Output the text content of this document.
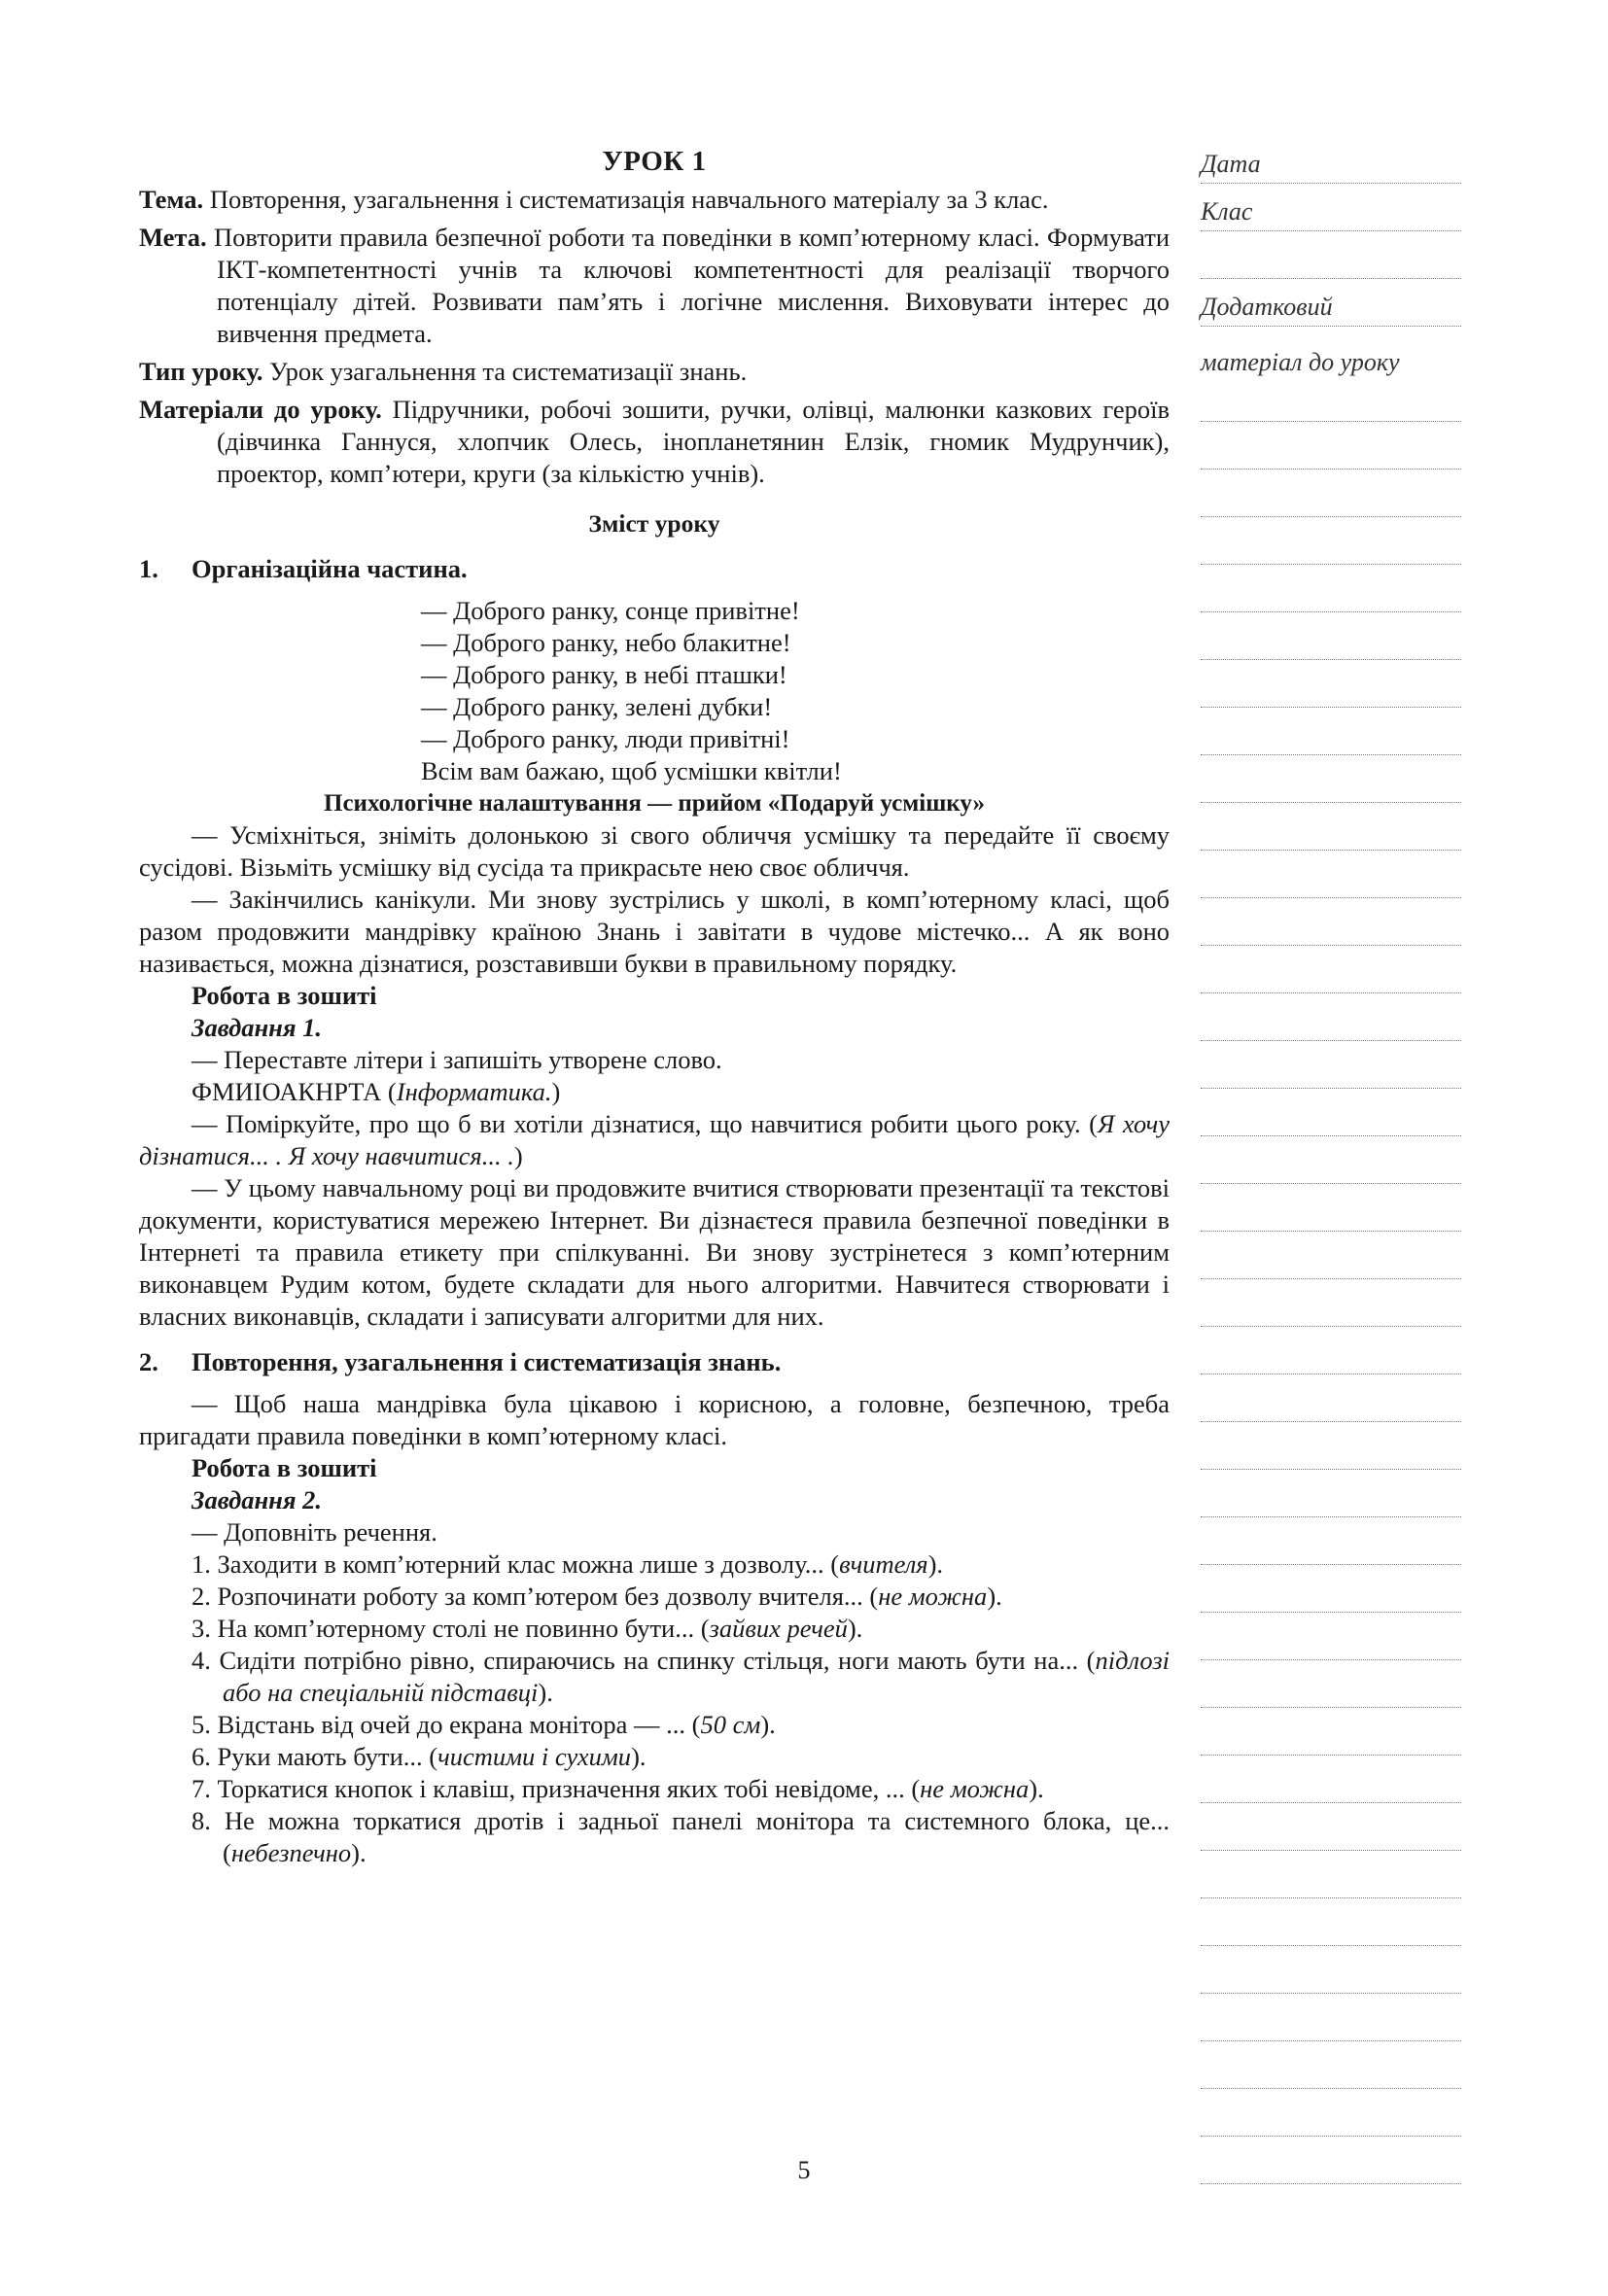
УРОК 1
Тема. Повторення, узагальнення і систематизація навчального матеріалу за 3 клас.
Мета. Повторити правила безпечної роботи та поведінки в комп’ютерному класі. Формувати ІКТ-компетентності учнів та ключові компетентності для реалізації творчого потенціалу дітей. Розвивати пам’ять і логічне мислення. Виховувати інтерес до вивчення предмета.
Тип уроку. Урок узагальнення та систематизації знань.
Матеріали до уроку. Підручники, робочі зошити, ручки, олівці, малюнки казкових героїв (дівчинка Ганнуся, хлопчик Олесь, інопланетянин Елзік, гномик Мудрунчик), проектор, комп’ютери, круги (за кількістю учнів).
Зміст уроку
1. Організаційна частина.
— Доброго ранку, сонце привітне!
— Доброго ранку, небо блакитне!
— Доброго ранку, в небі пташки!
— Доброго ранку, зелені дубки!
— Доброго ранку, люди привітні!
Всім вам бажаю, щоб усмішки квітли!
Психологічне налаштування — прийом «Подаруй усмішку»

— Усміхніться, зніміть долонькою зі свого обличчя усмішку та передайте її своєму сусідові. Візьміть усмішку від сусіда та прикрасьте нею своє обличчя.

— Закінчились канікули. Ми знову зустрілись у школі, в комп’ютерному класі, щоб разом продовжити мандрівку країною Знань і завітати в чудове містечко... А як воно називається, можна дізнатися, розставивши букви в правильному порядку.

Робота в зошиті
Завдання 1.
— Переставте літери і запишіть утворене слово.
ФМИІОАКНРТА (Інформатика.)

— Поміркуйте, про що б ви хотіли дізнатися, що навчитися робити цього року. (Я хочу дізнатися... . Я хочу навчитися... .)

— У цьому навчальному році ви продовжите вчитися створювати презентації та текстові документи, користуватися мережею Інтернет. Ви дізнаєтеся правила безпечної поведінки в Інтернеті та правила етикету при спілкуванні. Ви знову зустрінетеся з комп’ютерним виконавцем Рудим котом, будете складати для нього алгоритми. Навчитеся створювати і власних виконавців, складати і записувати алгоритми для них.

2. Повторення, узагальнення і систематизація знань.

— Щоб наша мандрівка була цікавою і корисною, а головне, безпечною, треба пригадати правила поведінки в комп’ютерному класі.

Робота в зошиті
Завдання 2.
— Доповніть речення.

1. Заходити в комп’ютерний клас можна лише з дозволу... (вчителя).

2. Розпочинати роботу за комп’ютером без дозволу вчителя... (не можна).

3. На комп’ютерному столі не повинно бути... (зайвих речей).

4. Сидіти потрібно рівно, спираючись на спинку стільця, ноги мають бути на... (підлозі або на спеціальній підставці).

5. Відстань від очей до екрана монітора — ... (50 см).

6. Руки мають бути... (чистими і сухими).

7. Торкатися кнопок і клавіш, призначення яких тобі невідоме, ... (не можна).

8. Не можна торкатися дротів і задньої панелі монітора та системного блока, це... (небезпечно).

Дата
Клас
Додатковий
матеріал до уроку
5
